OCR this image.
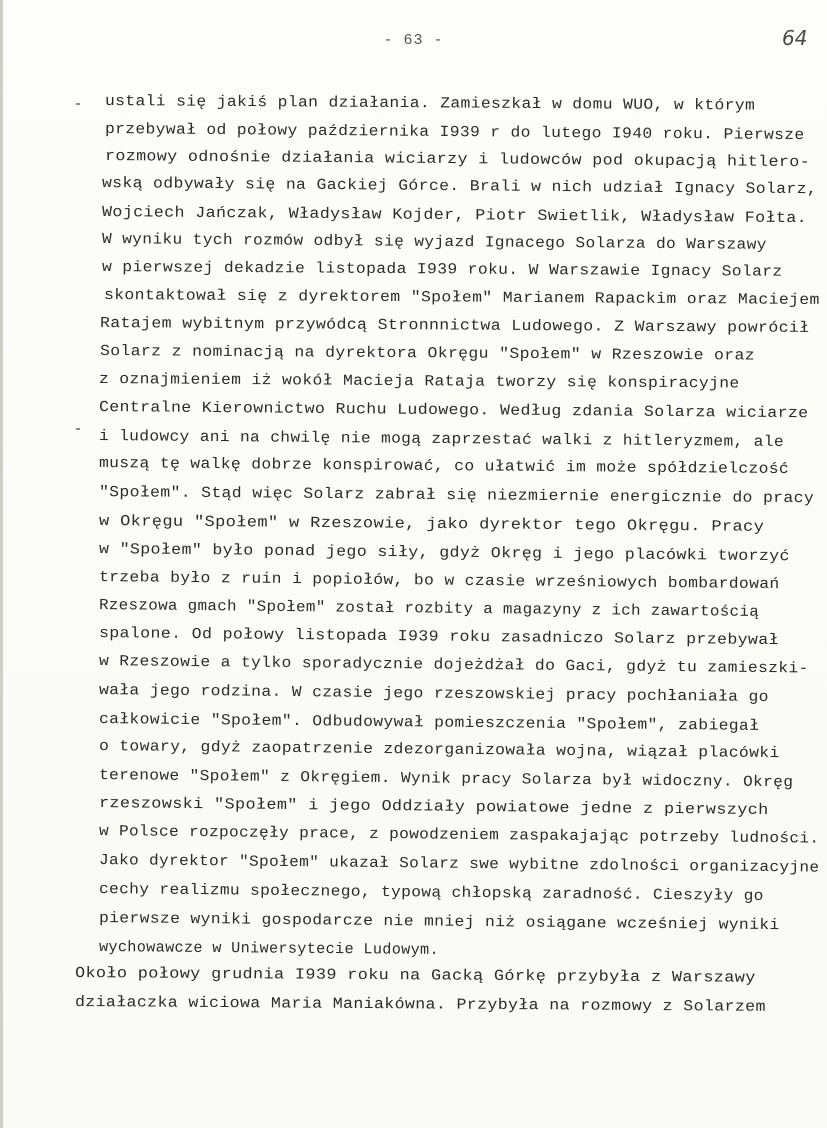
- 63 -	64
ustali się jakiś plan działania. Zamieszkał w domu WUO, w którym
przebywał od połowy października I939 r do lutego I940 roku. Pierwsze
rozmowy odnośnie działania wiciarzy i ludowców pod okupacją hitlero-
wską odbywały się na Gackiej Górce. Brali w nich udział Ignacy Solarz,
Wojciech Jańczak, Władysław Kojder, Piotr Swietlik, Władysław Fołta.
W wyniku tych rozmów odbył się wyjazd Ignacego Solarza do Warszawy
w pierwszej dekadzie listopada I939 roku. W Warszawie Ignacy Solarz
skontaktował się z dyrektorem "Społem" Marianem Rapackim oraz Maciejem
Ratajem wybitnym przywódcą Stronnnictwa Ludowego. Z Warszawy powrócił
Solarz z nominacją na dyrektora Okręgu "Społem" w Rzeszowie oraz
z oznajmieniem iż wokół Macieja Rataja tworzy się konspiracyjne
Centralne Kierownictwo Ruchu Ludowego. Według zdania Solarza wiciarze
i ludowcy ani na chwilę nie mogą zaprzestać walki z hitleryzmem, ale
muszą tę walkę dobrze konspirować, co ułatwić im może spółdzielczość
"Społem". Stąd więc Solarz zabrał się niezmiernie energicznie do pracy
w Okręgu "Społem" w Rzeszowie, jako dyrektor tego Okręgu. Pracy
w "Społem" było ponad jego siły, gdyż Okręg i jego placówki tworzyć
trzeba było z ruin i popiołów, bo w czasie wrześniowych bombardowań
Rzeszowa gmach "Społem" został rozbity a magazyny z ich zawartością
spalone. Od połowy listopada I939 roku zasadniczo Solarz przebywał
w Rzeszowie a tylko sporadycznie dojeżdżał do Gaci, gdyż tu zamieszki-
wała jego rodzina. W czasie jego rzeszowskiej pracy pochłaniała go
całkowicie "Społem". Odbudowywał pomieszczenia "Społem", zabiegał
o towary, gdyż zaopatrzenie zdezorganizowała wojna, wiązał placówki
terenowe "Społem" z Okręgiem. Wynik pracy Solarza był widoczny. Okręg
rzeszowski "Społem" i jego Oddziały powiatowe jedne z pierwszych
w Polsce rozpoczęły prace, z powodzeniem zaspakajając potrzeby ludności.
Jako dyrektor "Społem" ukazał Solarz swe wybitne zdolności organizacyjne
cechy realizmu społecznego, typową chłopską zaradność. Cieszyły go
pierwsze wyniki gospodarcze nie mniej niż osiągane wcześniej wyniki
wychowawcze w Uniwersytecie Ludowym.
Około połowy grudnia I939 roku na Gacką Górkę przybyła z Warszawy
działaczka wiciowa Maria Maniakówna. Przybyła na rozmowy z Solarzem
